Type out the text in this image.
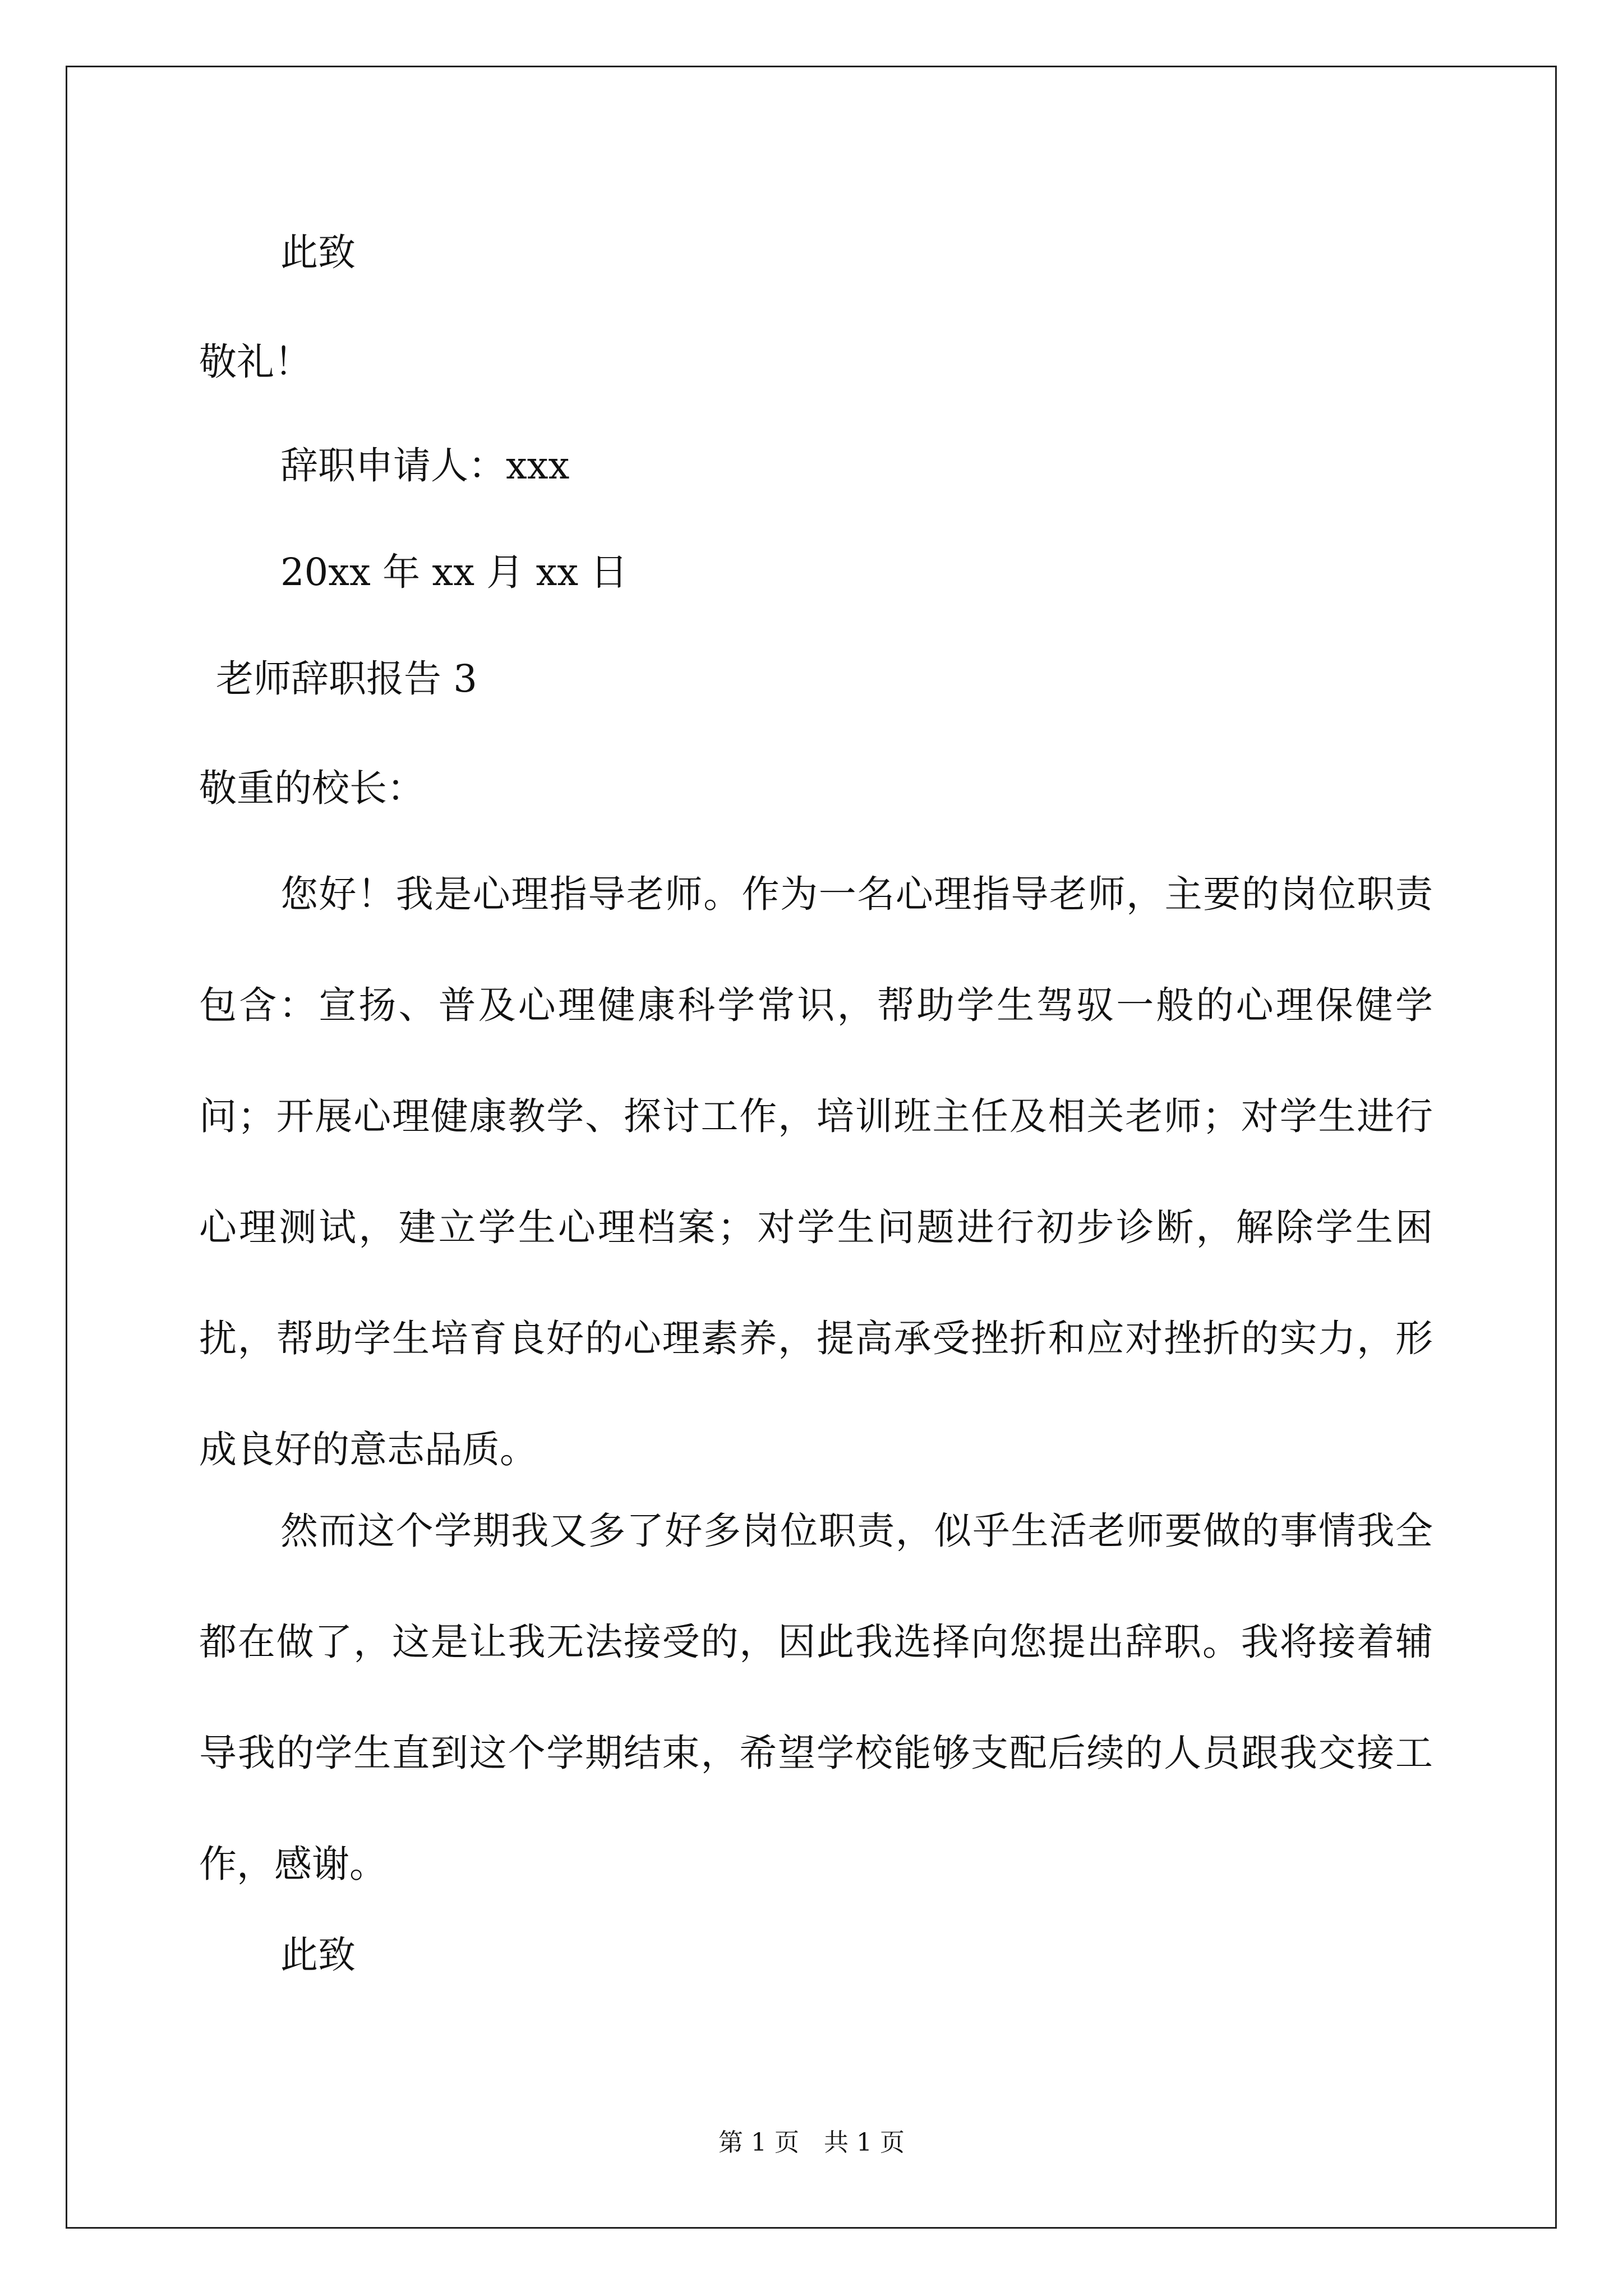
此致

敬礼！

辞职申请人：xxx

20xx 年 xx 月 xx 日

老师辞职报告 3

敬重的校长：

您好！我是心理指导老师。作为一名心理指导老师，主要的岗位职责包含：宣扬、普及心理健康科学常识，帮助学生驾驭一般的心理保健学问；开展心理健康教学、探讨工作，培训班主任及相关老师；对学生进行心理测试，建立学生心理档案；对学生问题进行初步诊断，解除学生困扰，帮助学生培育良好的心理素养，提高承受挫折和应对挫折的实力，形成良好的意志品质。

然而这个学期我又多了好多岗位职责，似乎生活老师要做的事情我全都在做了，这是让我无法接受的，因此我选择向您提出辞职。我将接着辅导我的学生直到这个学期结束，希望学校能够支配后续的人员跟我交接工作，感谢。

此致

第 1 页　共 1 页
